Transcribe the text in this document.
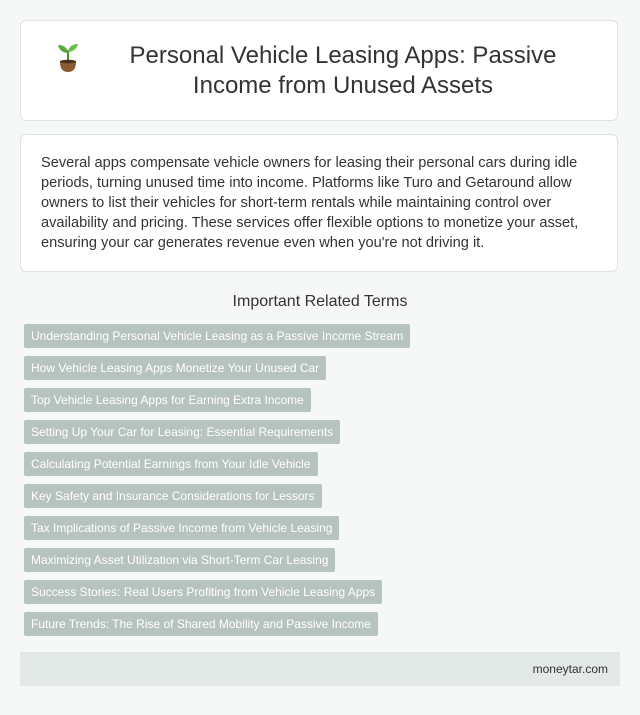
Personal Vehicle Leasing Apps: Passive Income from Unused Assets

Several apps compensate vehicle owners for leasing their personal cars during idle periods, turning unused time into income. Platforms like Turo and Getaround allow owners to list their vehicles for short-term rentals while maintaining control over availability and pricing. These services offer flexible options to monetize your asset, ensuring your car generates revenue even when you're not driving it.

Important Related Terms
Understanding Personal Vehicle Leasing as a Passive Income Stream
How Vehicle Leasing Apps Monetize Your Unused Car
Top Vehicle Leasing Apps for Earning Extra Income
Setting Up Your Car for Leasing: Essential Requirements
Calculating Potential Earnings from Your Idle Vehicle
Key Safety and Insurance Considerations for Lessors
Tax Implications of Passive Income from Vehicle Leasing
Maximizing Asset Utilization via Short-Term Car Leasing
Success Stories: Real Users Profiting from Vehicle Leasing Apps
Future Trends: The Rise of Shared Mobility and Passive Income
moneytar.com
